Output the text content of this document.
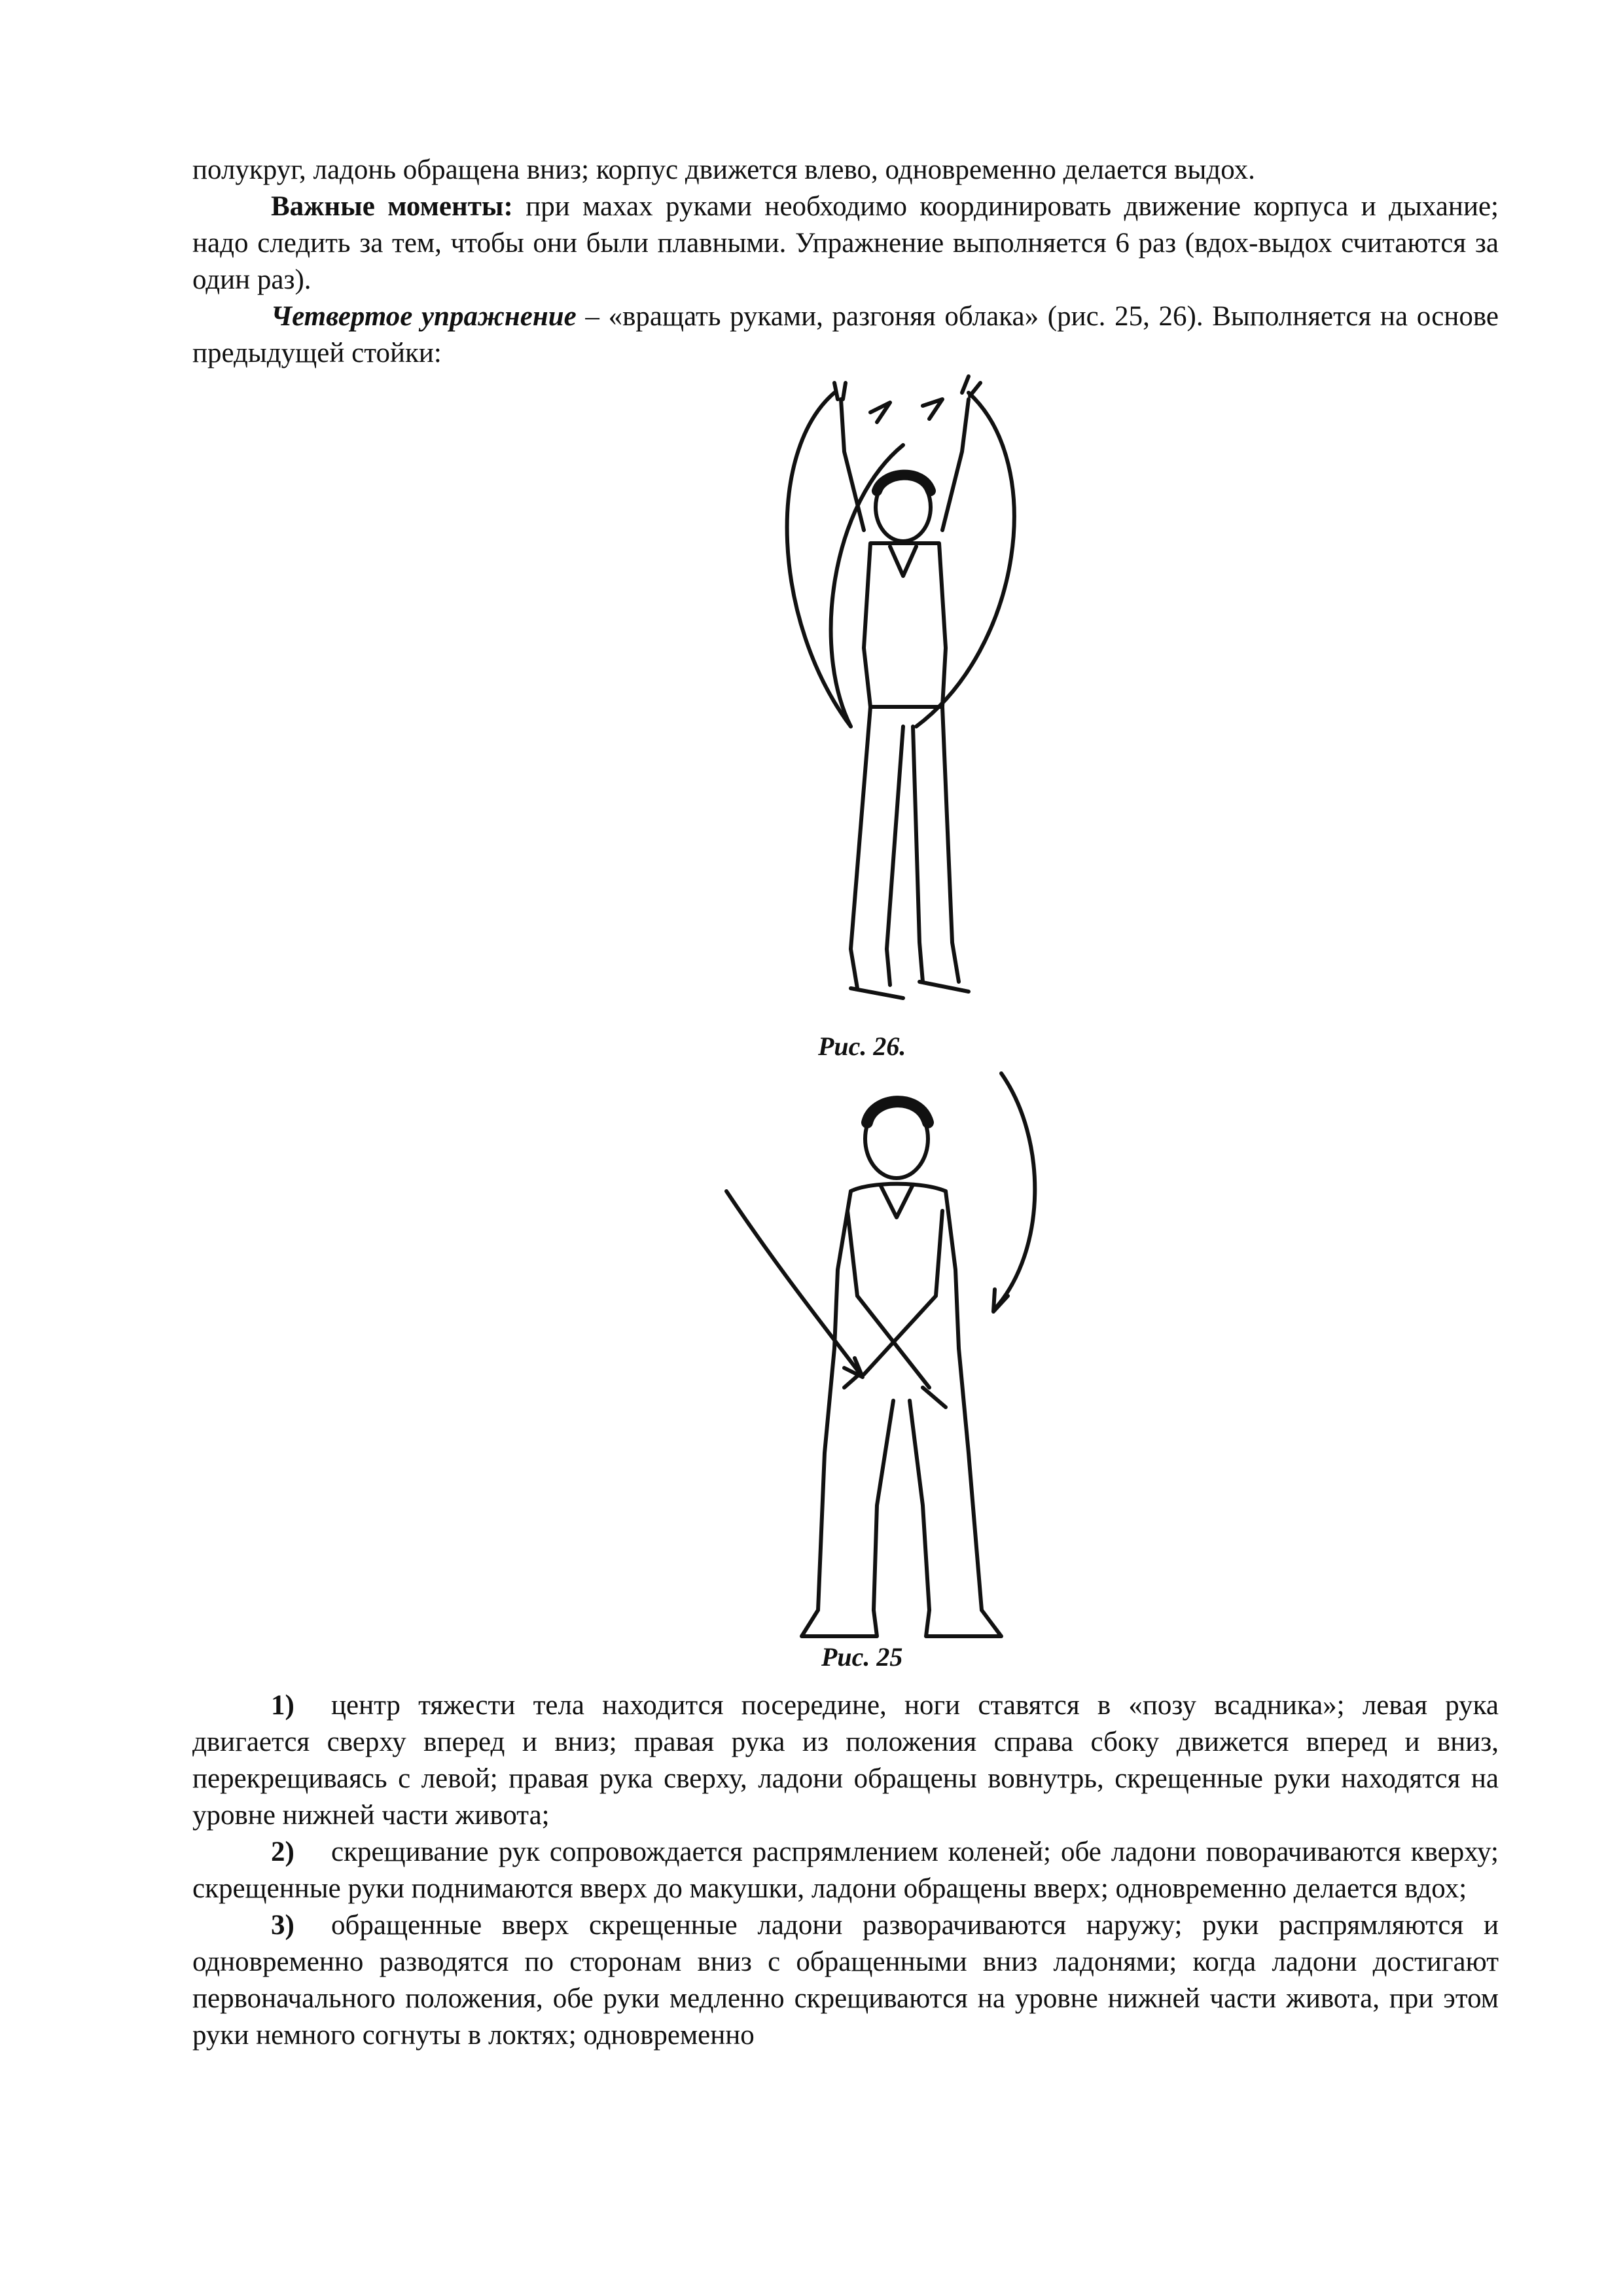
полукруг, ладонь обращена вниз; корпус движется влево, одновременно делается выдох.

Важные моменты: при махах руками необходимо координировать движение корпуса и дыхание; надо следить за тем, чтобы они были плавными. Упражнение выполняется 6 раз (вдох-выдох считаются за один раз).

Четвертое упражнение – «вращать руками, разгоняя облака» (рис. 25, 26). Выполняется на основе предыдущей стойки:

Рис. 26.
Рис. 25

1) центр тяжести тела находится посередине, ноги ставятся в «позу всадника»; левая рука двигается сверху вперед и вниз; правая рука из положения справа сбоку движется вперед и вниз, перекрещиваясь с левой; правая рука сверху, ладони обращены вовнутрь, скрещенные руки находятся на уровне нижней части живота;

2) скрещивание рук сопровождается распрямлением коленей; обе ладони поворачиваются кверху; скрещенные руки поднимаются вверх до макушки, ладони обращены вверх; одновременно делается вдох;

3) обращенные вверх скрещенные ладони разворачиваются наружу; руки распрямляются и одновременно разводятся по сторонам вниз с обращенными вниз ладонями; когда ладони достигают первоначального положения, обе руки медленно скрещиваются на уровне нижней части живота, при этом руки немного согнуты в локтях; одновременно
